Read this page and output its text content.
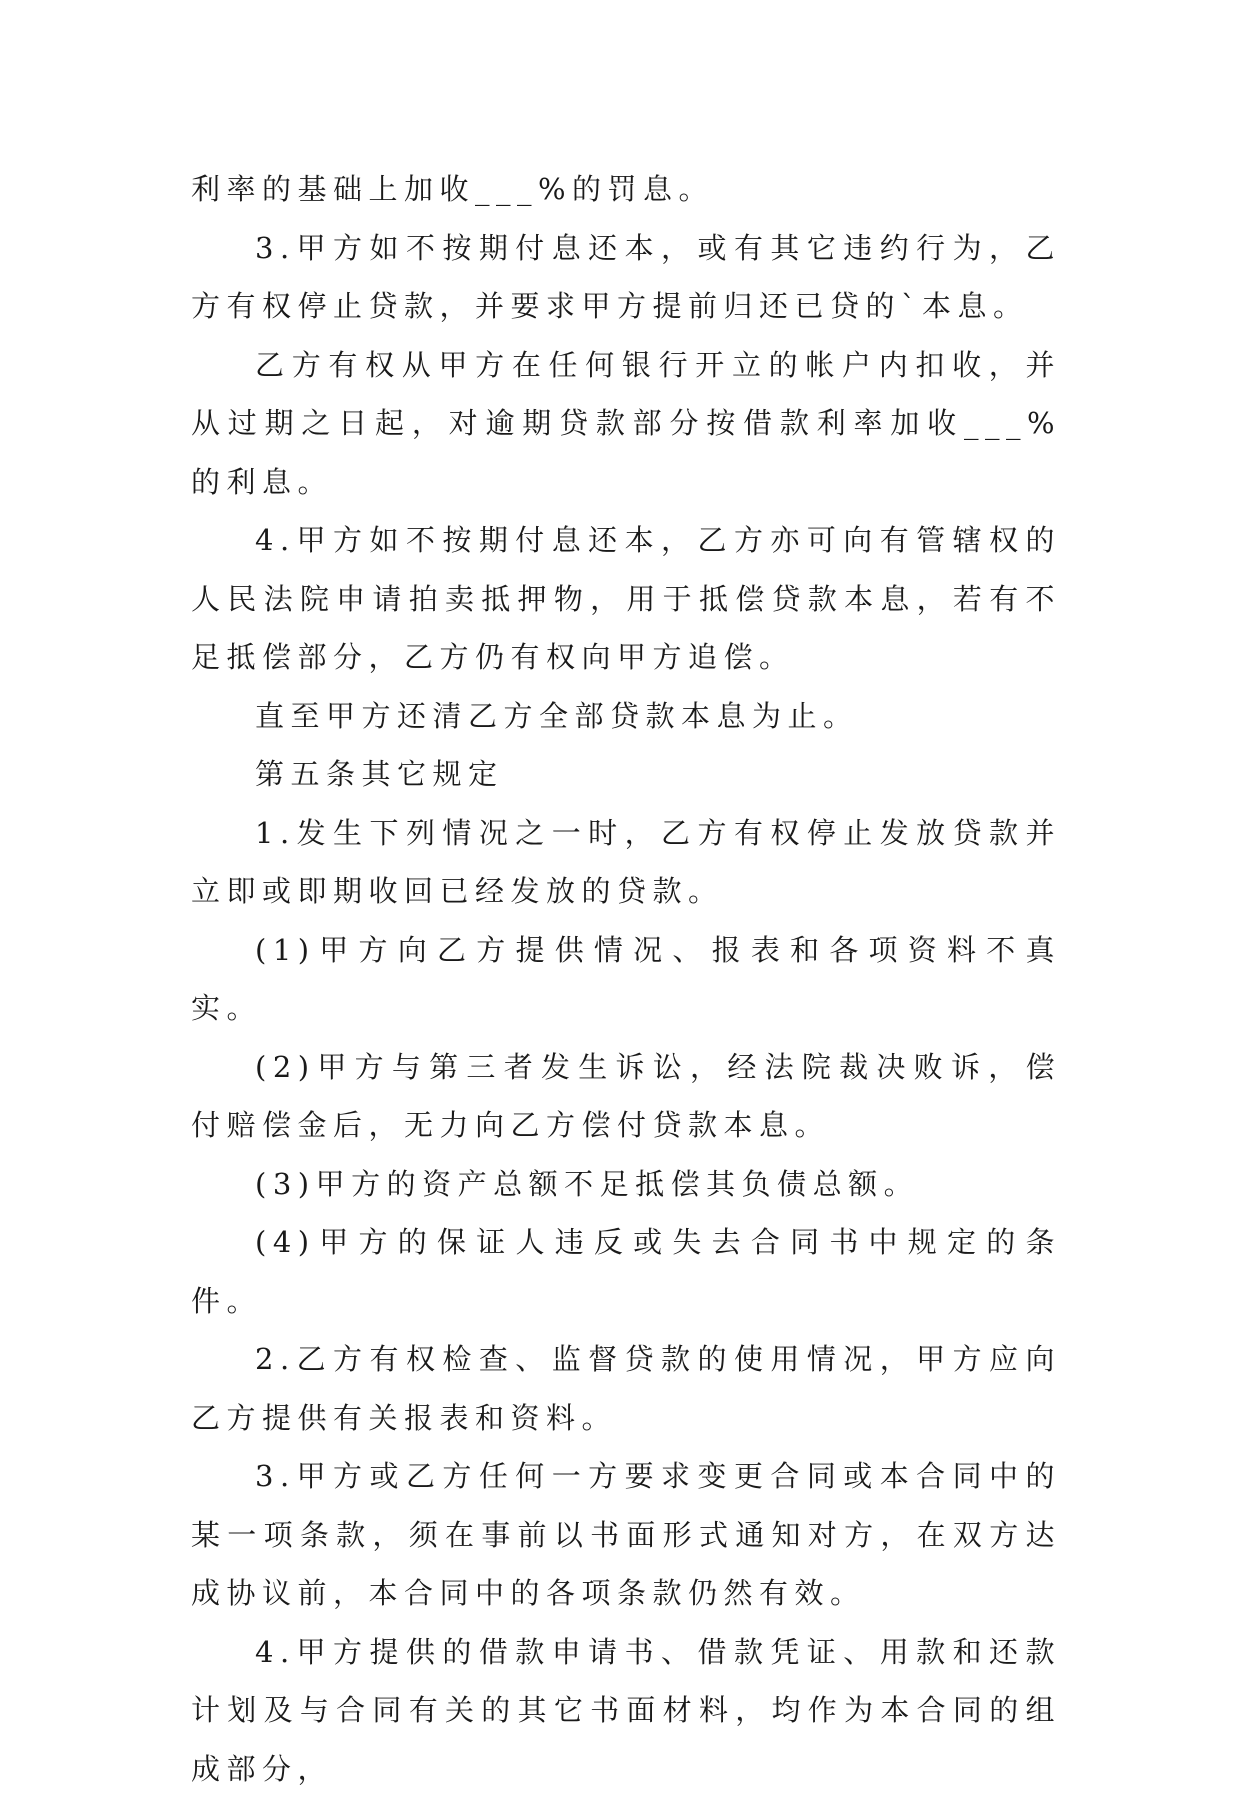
利率的基础上加收___%的罚息。

3.甲方如不按期付息还本，或有其它违约行为，乙方有权停止贷款，并要求甲方提前归还已贷的`本息。

乙方有权从甲方在任何银行开立的帐户内扣收，并从过期之日起，对逾期贷款部分按借款利率加收___%的利息。

4.甲方如不按期付息还本，乙方亦可向有管辖权的人民法院申请拍卖抵押物，用于抵偿贷款本息，若有不足抵偿部分，乙方仍有权向甲方追偿。

直至甲方还清乙方全部贷款本息为止。

第五条其它规定

1.发生下列情况之一时，乙方有权停止发放贷款并立即或即期收回已经发放的贷款。

(1)甲方向乙方提供情况、报表和各项资料不真实。

(2)甲方与第三者发生诉讼，经法院裁决败诉，偿付赔偿金后，无力向乙方偿付贷款本息。

(3)甲方的资产总额不足抵偿其负债总额。

(4)甲方的保证人违反或失去合同书中规定的条件。

2.乙方有权检查、监督贷款的使用情况，甲方应向乙方提供有关报表和资料。

3.甲方或乙方任何一方要求变更合同或本合同中的某一项条款，须在事前以书面形式通知对方，在双方达成协议前，本合同中的各项条款仍然有效。

4.甲方提供的借款申请书、借款凭证、用款和还款计划及与合同有关的其它书面材料，均作为本合同的组成部分，
